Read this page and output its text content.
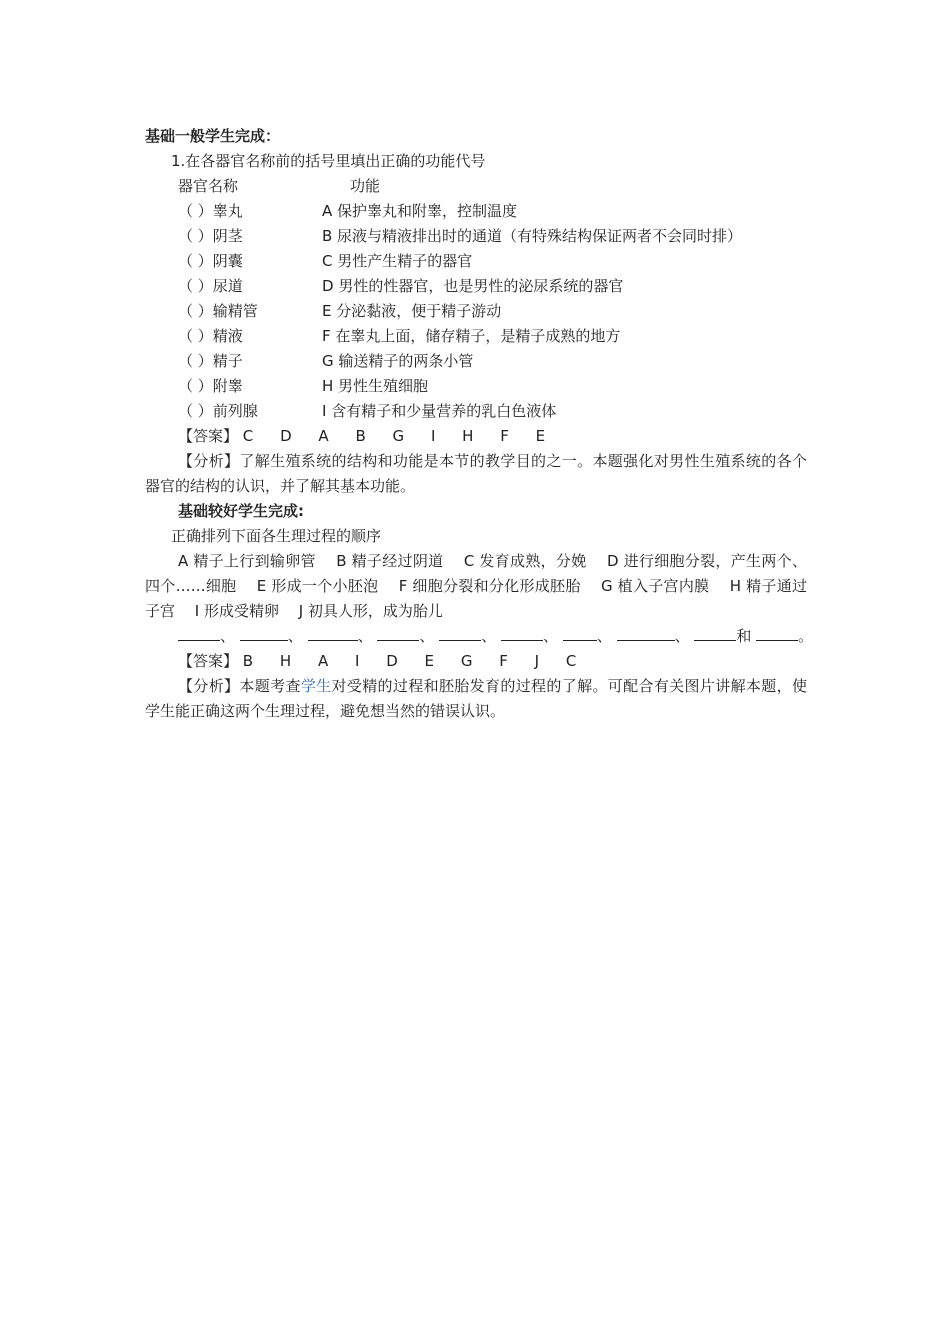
基础一般学生完成：
1.在各器官名称前的括号里填出正确的功能代号
器官名称	功能
（ ）睾丸	A 保护睾丸和附睾，控制温度
（ ）阴茎	B 尿液与精液排出时的通道（有特殊结构保证两者不会同时排）
（ ）阴囊	C 男性产生精子的器官
（ ）尿道	D 男性的性器官，也是男性的泌尿系统的器官
（ ）输精管	E 分泌黏液，便于精子游动
（ ）精液	F 在睾丸上面，储存精子，是精子成熟的地方
（ ）精子	G 输送精子的两条小管
（ ）附睾	H 男性生殖细胞
（ ）前列腺	I 含有精子和少量营养的乳白色液体
【答案】 C D A B G I H F E
【分析】了解生殖系统的结构和功能是本节的教学目的之一。本题强化对男性生殖系统的各个器官的结构的认识，并了解其基本功能。
基础较好学生完成:
正确排列下面各生理过程的顺序
A 精子上行到输卵管　 B 精子经过阴道　 C 发育成熟，分娩　 D 进行细胞分裂，产生两个、四个……细胞　 E 形成一个小胚泡　 F 细胞分裂和分化形成胚胎　 G 植入子宫内膜　 H 精子通过子宫　 I 形成受精卵　 J 初具人形，成为胎儿
、	、	、	、	、	、	、	、	和	。
【答案】 B H A I D E G F J C
【分析】本题考查学生对受精的过程和胚胎发育的过程的了解。可配合有关图片讲解本题，使学生能正确这两个生理过程，避免想当然的错误认识。
